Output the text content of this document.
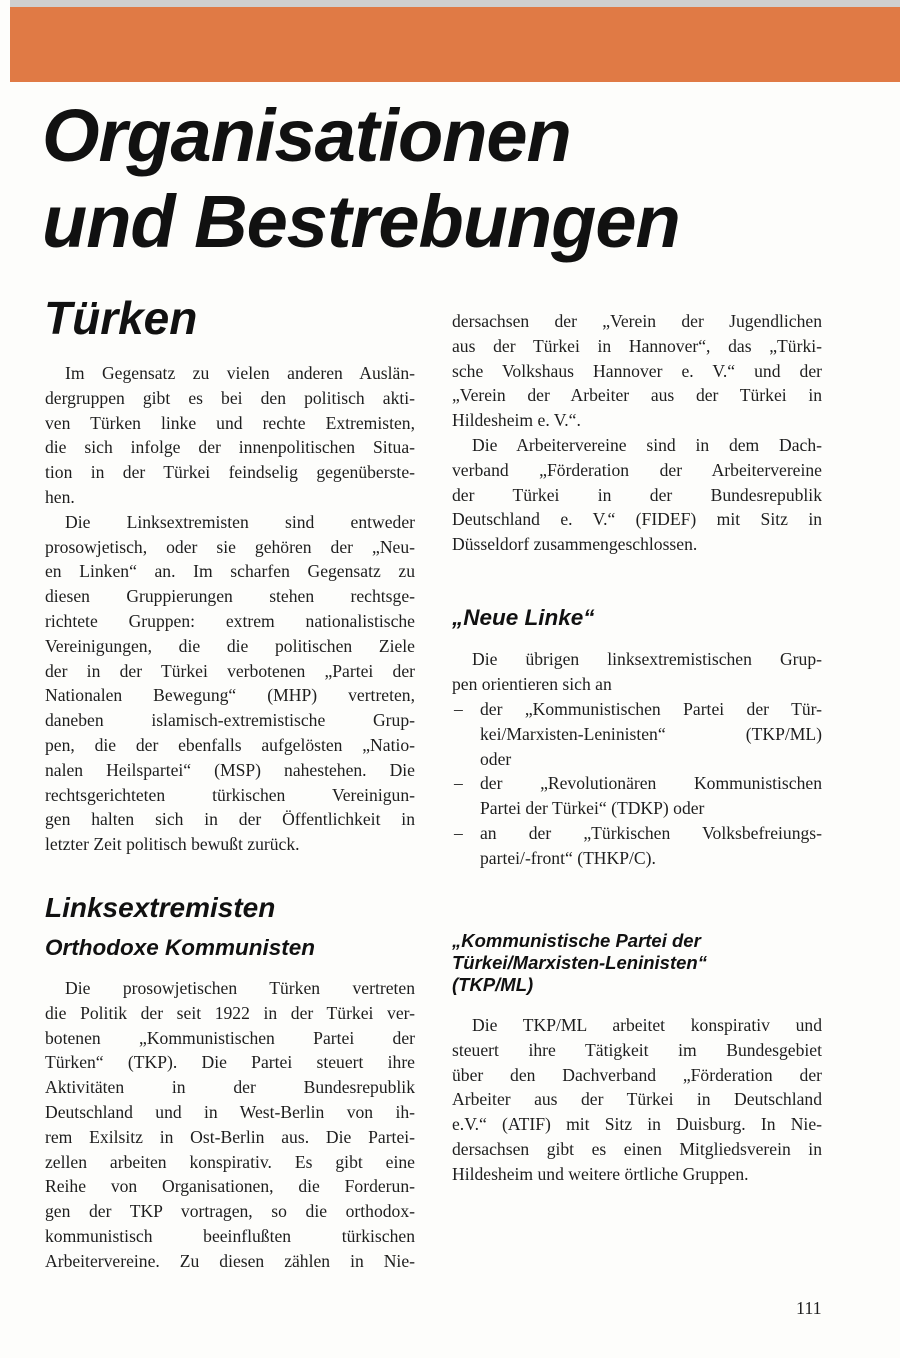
Organisationen
und Bestrebungen
Türken
Im Gegensatz zu vielen anderen Auslän-
dergruppen gibt es bei den politisch akti-
ven Türken linke und rechte Extremisten,
die sich infolge der innenpolitischen Situa-
tion in der Türkei feindselig gegenüberste-
hen.
Die Linksextremisten sind entweder
prosowjetisch, oder sie gehören der „Neu-
en Linken“ an. Im scharfen Gegensatz zu
diesen Gruppierungen stehen rechtsge-
richtete Gruppen: extrem nationalistische
Vereinigungen, die die politischen Ziele
der in der Türkei verbotenen „Partei der
Nationalen Bewegung“ (MHP) vertreten,
daneben islamisch-extremistische Grup-
pen, die der ebenfalls aufgelösten „Natio-
nalen Heilspartei“ (MSP) nahestehen. Die
rechtsgerichteten türkischen Vereinigun-
gen halten sich in der Öffentlichkeit in
letzter Zeit politisch bewußt zurück.
Linksextremisten
Orthodoxe Kommunisten
Die prosowjetischen Türken vertreten
die Politik der seit 1922 in der Türkei ver-
botenen „Kommunistischen Partei der
Türken“ (TKP). Die Partei steuert ihre
Aktivitäten in der Bundesrepublik
Deutschland und in West-Berlin von ih-
rem Exilsitz in Ost-Berlin aus. Die Partei-
zellen arbeiten konspirativ. Es gibt eine
Reihe von Organisationen, die Forderun-
gen der TKP vortragen, so die orthodox-
kommunistisch beeinflußten türkischen
Arbeitervereine. Zu diesen zählen in Nie-
dersachsen der „Verein der Jugendlichen
aus der Türkei in Hannover“, das „Türki-
sche Volkshaus Hannover e. V.“ und der
„Verein der Arbeiter aus der Türkei in
Hildesheim e. V.“.
Die Arbeitervereine sind in dem Dach-
verband „Förderation der Arbeitervereine
der Türkei in der Bundesrepublik
Deutschland e. V.“ (FIDEF) mit Sitz in
Düsseldorf zusammengeschlossen.
„Neue Linke“
Die übrigen linksextremistischen Grup-
pen orientieren sich an
– der „Kommunistischen Partei der Tür-
kei/Marxisten-Leninisten“ (TKP/ML)
oder
– der „Revolutionären Kommunistischen
Partei der Türkei“ (TDKP) oder
– an der „Türkischen Volksbefreiungs-
partei/-front“ (THKP/C).
„Kommunistische Partei der
Türkei/Marxisten-Leninisten“
(TKP/ML)
Die TKP/ML arbeitet konspirativ und
steuert ihre Tätigkeit im Bundesgebiet
über den Dachverband „Förderation der
Arbeiter aus der Türkei in Deutschland
e.V.“ (ATIF) mit Sitz in Duisburg. In Nie-
dersachsen gibt es einen Mitgliedsverein in
Hildesheim und weitere örtliche Gruppen.
111
